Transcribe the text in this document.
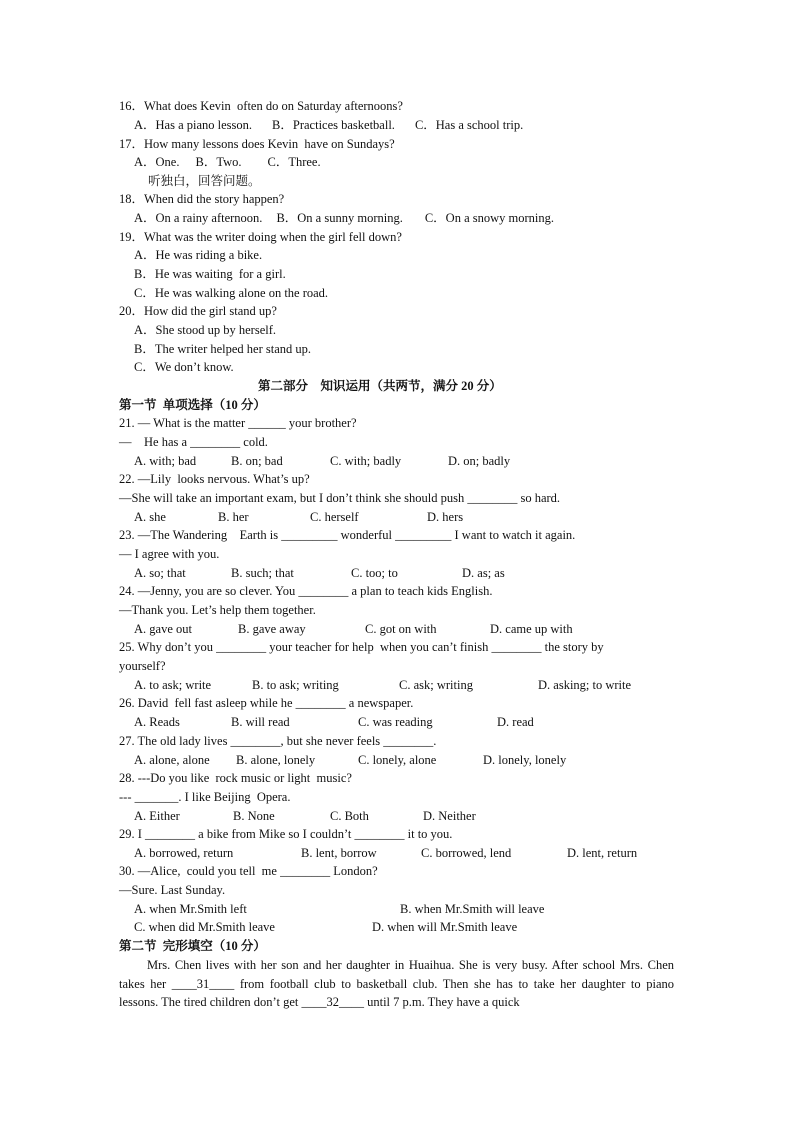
16．What does Kevin  often do on Saturday afternoons?
A．Has a piano lesson. B．Practices basketball. C．Has a school trip.
17．How many lessons does Kevin  have on Sundays?
A．One. B．Two. C．Three.
听独白，回答问题。
18．When did the story happen?
A．On a rainy afternoon. B．On a sunny morning. C．On a snowy morning.
19．What was the writer doing when the girl fell down?
A．He was riding a bike.
B．He was waiting  for a girl.
C．He was walking alone on the road.
20．How did the girl stand up?
A．She stood up by herself.
B．The writer helped her stand up.
C．We don’t know.
第二部分    知识运用（共两节，满分 20 分）
第一节  单项选择（10 分）
21. — What is the matter ______ your brother?
—    He has a ________ cold.
A. with; bad	B. on; bad	C. with; badly	D. on; badly
22. —Lily  looks nervous. What’s up?
—She will take an important exam, but I don’t think she should push ________ so hard.
A. she	B. her	C. herself	D. hers
23. —The Wandering    Earth is _________ wonderful _________ I want to watch it again.
— I agree with you.
A. so; that	B. such; that	C. too; to	D. as; as
24. —Jenny, you are so clever. You ________ a plan to teach kids English.
—Thank you. Let’s help them together.
A. gave out	B. gave away	C. got on with	D. came up with
25. Why don’t you ________ your teacher for help  when you can’t finish ________ the story by
yourself?
A. to ask; write	B. to ask; writing	C. ask; writing	D. asking; to write
26. David  fell fast asleep while he ________ a newspaper.
A. Reads	B. will read	C. was reading	D. read
27. The old lady lives ________, but she never feels ________.
A. alone, alone B. alone, lonely	C. lonely, alone	D. lonely, lonely
28. ---Do you like  rock music or light  music?
--- _______. I like Beijing  Opera.
A. Either	B. None	C. Both	D. Neither
29. I ________ a bike from Mike so I couldn’t ________ it to you.
A. borrowed, return	B. lent, borrow	C. borrowed, lend	D. lent, return
30. —Alice,  could you tell  me ________ London?
—Sure. Last Sunday.
A. when Mr.Smith left	B. when Mr.Smith will leave
C. when did Mr.Smith leave	D. when will Mr.Smith leave
第二节  完形填空（10 分）
Mrs. Chen lives with her son and her daughter in Huaihua. She is very busy. After school Mrs. Chen takes her ____31____ from football club to basketball club. Then she has to take her daughter to piano lessons. The tired children don’t get ____32____ until 7 p.m. They have a quick
